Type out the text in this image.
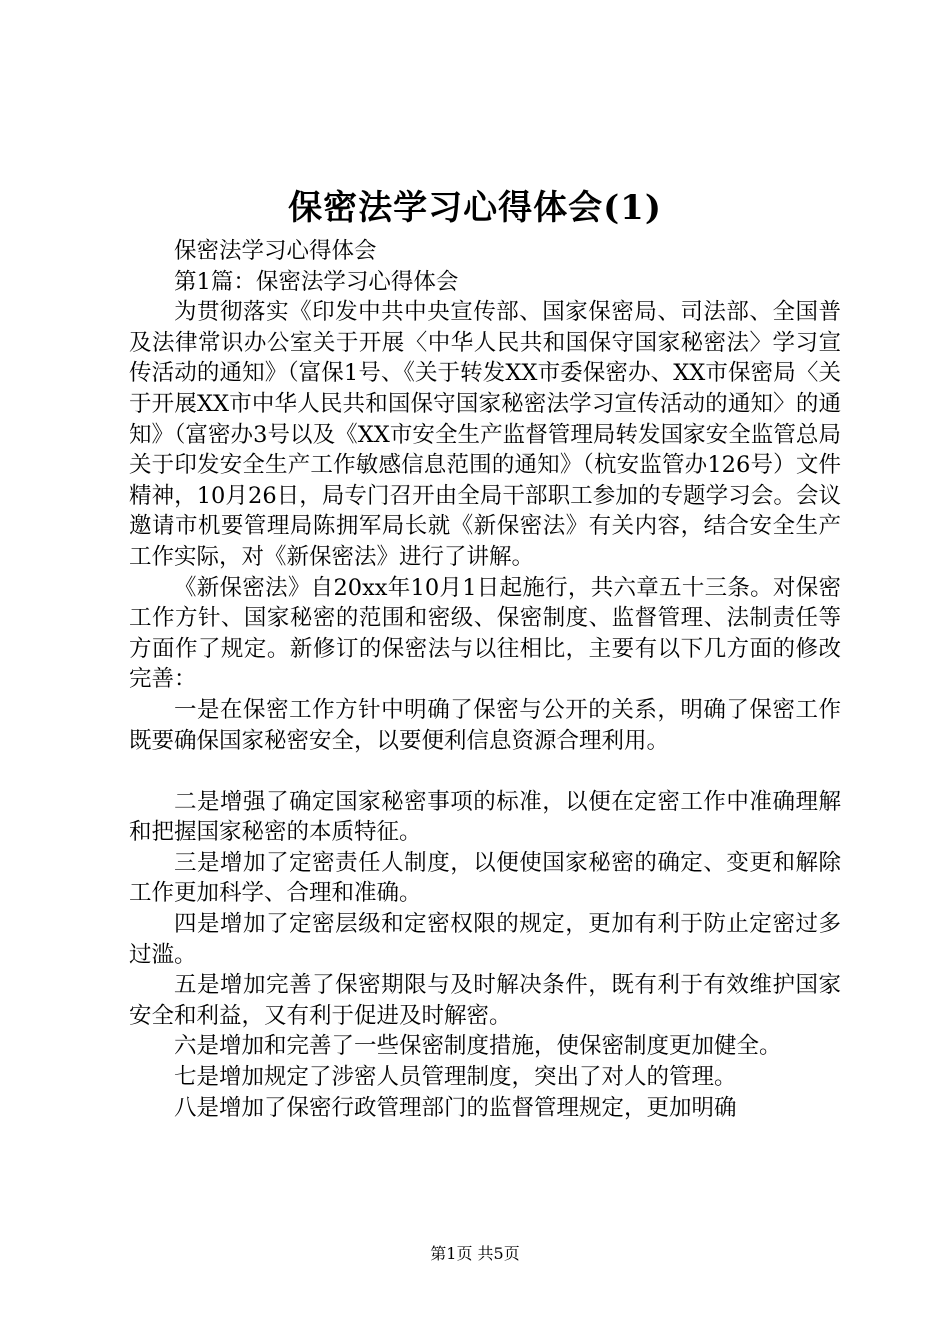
保密法学习心得体会(1)

保密法学习心得体会

第1篇：保密法学习心得体会

为贯彻落实《印发中共中央宣传部、国家保密局、司法部、全国普及法律常识办公室关于开展〈中华人民共和国保守国家秘密法〉学习宣传活动的通知》（富保1号、《关于转发XX市委保密办、XX市保密局〈关于开展XX市中华人民共和国保守国家秘密法学习宣传活动的通知〉的通知》（富密办3号以及《XX市安全生产监督管理局转发国家安全监管总局关于印发安全生产工作敏感信息范围的通知》（杭安监管办126号）文件精神，10月26日，局专门召开由全局干部职工参加的专题学习会。会议邀请市机要管理局陈拥军局长就《新保密法》有关内容，结合安全生产工作实际，对《新保密法》进行了讲解。

《新保密法》自20xx年10月1日起施行，共六章五十三条。对保密工作方针、国家秘密的范围和密级、保密制度、监督管理、法制责任等方面作了规定。新修订的保密法与以往相比，主要有以下几方面的修改完善：

一是在保密工作方针中明确了保密与公开的关系，明确了保密工作既要确保国家秘密安全，以要便利信息资源合理利用。

二是增强了确定国家秘密事项的标准，以便在定密工作中准确理解和把握国家秘密的本质特征。

三是增加了定密责任人制度，以便使国家秘密的确定、变更和解除工作更加科学、合理和准确。

四是增加了定密层级和定密权限的规定，更加有利于防止定密过多过滥。

五是增加完善了保密期限与及时解决条件，既有利于有效维护国家安全和利益，又有利于促进及时解密。

六是增加和完善了一些保密制度措施，使保密制度更加健全。

七是增加规定了涉密人员管理制度，突出了对人的管理。

八是增加了保密行政管理部门的监督管理规定，更加明确

第1页 共5页
